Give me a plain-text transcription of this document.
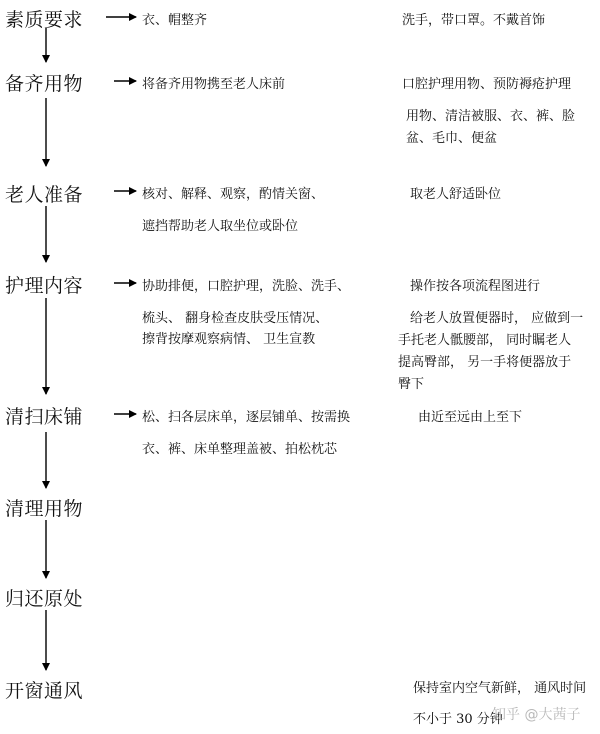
素质要求
备齐用物
老人准备
护理内容
清扫床铺
清理用物
归还原处
开窗通风
衣、帽整齐	洗手，带口罩。不戴首饰
将备齐用物携至老人床前	口腔护理用物、预防褥疮护理
用物、清洁被服、衣、裤、脸
盆、毛巾、便盆
核对、解释、观察，酌情关窗、
遮挡帮助老人取坐位或卧位
取老人舒适卧位
协助排便，口腔护理，洗脸、洗手、
梳头、 翻身检查皮肤受压情况、
擦背按摩观察病情、 卫生宣教
操作按各项流程图进行
给老人放置便器时， 应做到一
手托老人骶腰部， 同时瞩老人
提高臀部， 另一手将便器放于
臀下
松、扫各层床单，逐层铺单、按需换
衣、裤、床单整理盖被、拍松枕芯
由近至远由上至下
保持室内空气新鲜， 通风时间
不小于 30 分钟
知乎 @大茜子
